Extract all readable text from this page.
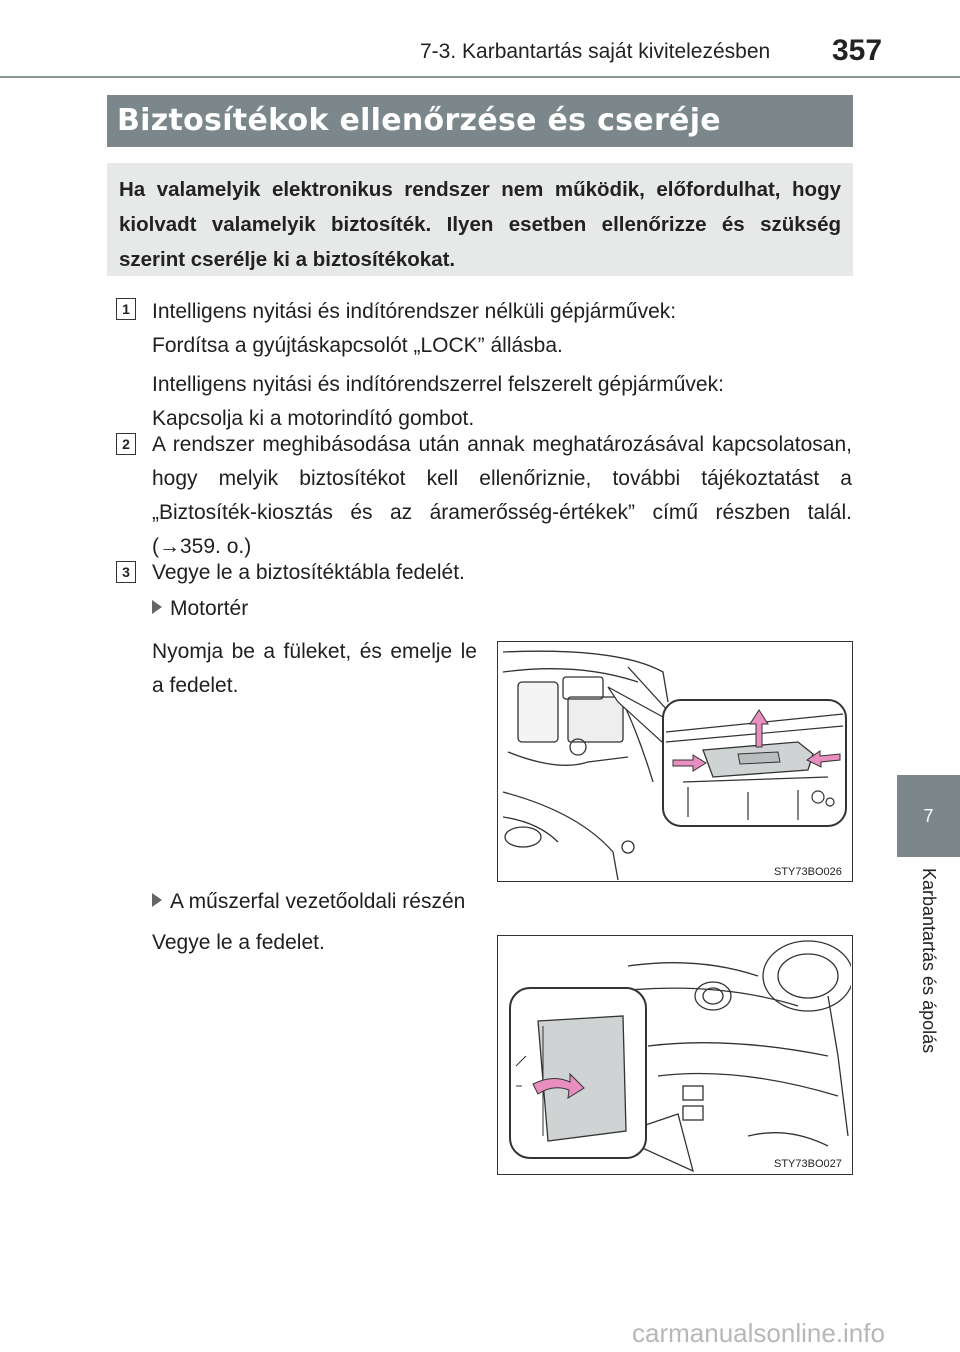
7-3. Karbantartás saját kivitelezésben 357
Biztosítékok ellenőrzése és cseréje
Ha valamelyik elektronikus rendszer nem működik, előfordulhat, hogy kiolvadt valamelyik biztosíték. Ilyen esetben ellenőrizze és szükség szerint cserélje ki a biztosítékokat.
1 Intelligens nyitási és indítórendszer nélküli gépjárművek:
Fordítsa a gyújtáskapcsolót „LOCK” állásba.
Intelligens nyitási és indítórendszerrel felszerelt gépjárművek:
Kapcsolja ki a motorindító gombot.
2 A rendszer meghibásodása után annak meghatározásával kapcsolatosan, hogy melyik biztosítékot kell ellenőriznie, további tájékoztatást a „Biztosíték-kiosztás és az áramerősség-értékek” című részben talál. (→359. o.)
3 Vegye le a biztosítéktábla fedelét.
Motortér
Nyomja be a füleket, és emelje le a fedelet.
STY73BO026
A műszerfal vezetőoldali részén
Vegye le a fedelet.
STY73BO027
7
Karbantartás és ápolás
carmanualsonline.info
